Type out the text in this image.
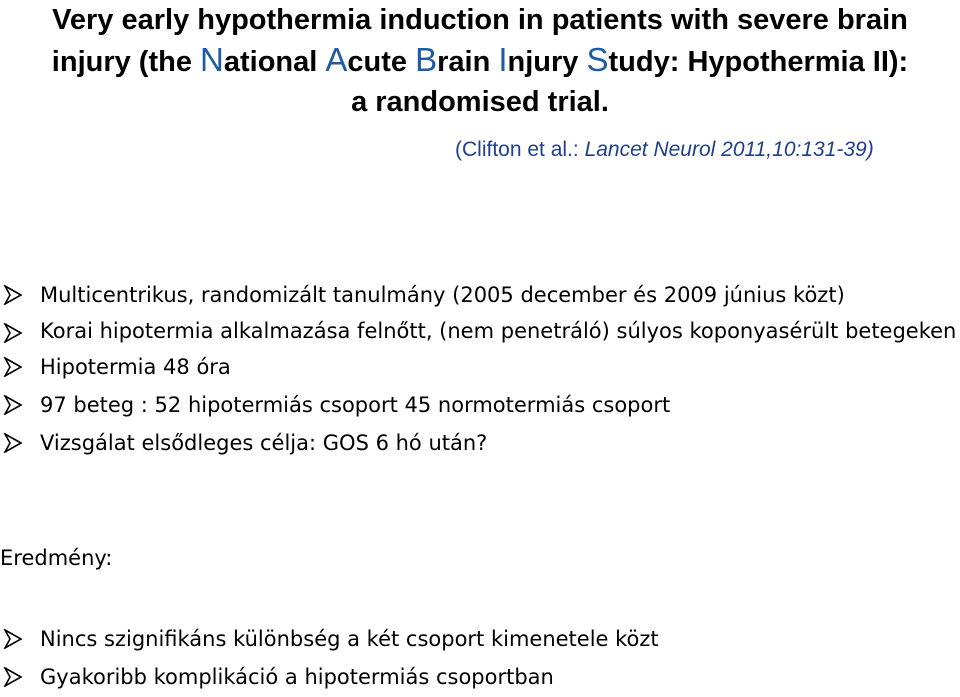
Very early hypothermia induction in patients with severe brain
injury (the National Acute Brain Injury Study: Hypothermia II):
a randomised trial.
(Clifton et al.: Lancet Neurol 2011,10:131-39)
Multicentrikus, randomizált tanulmány (2005 december és 2009 június közt)
Korai hipotermia alkalmazása felnőtt, (nem penetráló) súlyos koponyasérült betegeken
Hipotermia 48 óra
97 beteg : 52 hipotermiás csoport 45 normotermiás csoport
Vizsgálat elsődleges célja: GOS 6 hó után?
Eredmény:
Nincs szignifikáns különbség a két csoport kimenetele közt
Gyakoribb komplikáció a hipotermiás csoportban
